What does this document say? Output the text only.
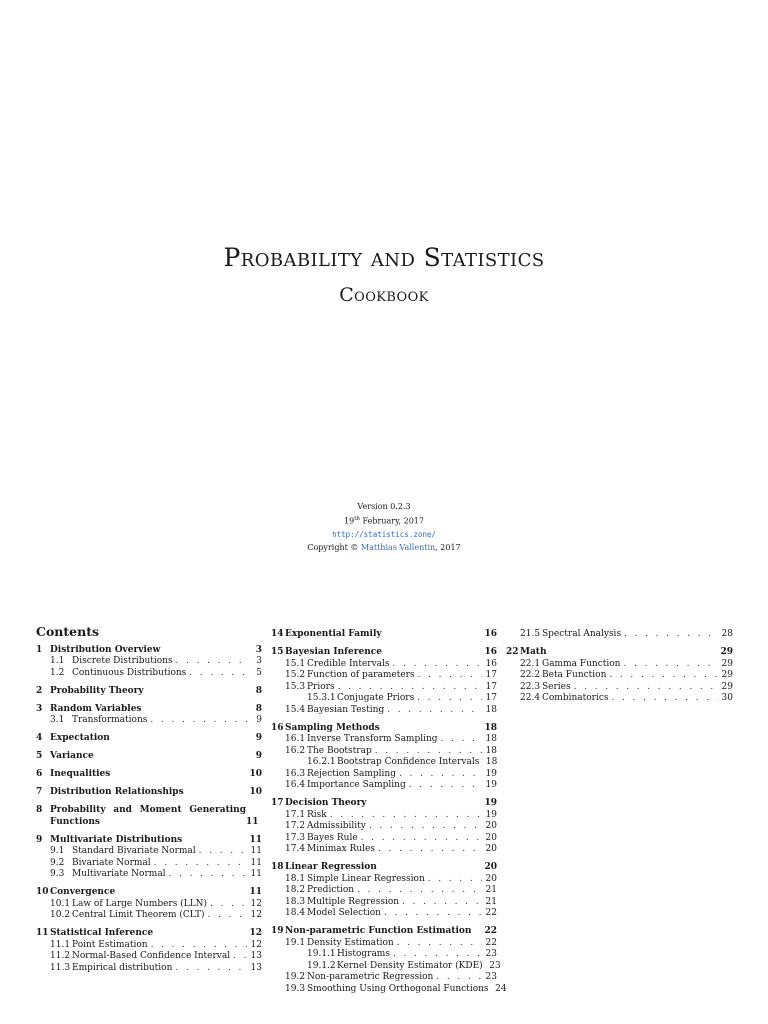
Probability and Statistics
Cookbook
Version 0.2.3
19th February, 2017
http://statistics.zone/
Copyright © Matthias Vallentin, 2017
Contents
1 Distribution Overview	3
1.1 Discrete Distributions . . .	3
1.2 Continuous Distributions . . .	5
2 Probability Theory	8
3 Random Variables	8
3.1 Transformations . . .	9
4 Expectation	9
5 Variance	9
6 Inequalities	10
7 Distribution Relationships	10
8 Probability and Moment Generating Functions	11
9 Multivariate Distributions	11
9.1 Standard Bivariate Normal . . .	11
9.2 Bivariate Normal . . .	11
9.3 Multivariate Normal . . .	11
10 Convergence	11
10.1 Law of Large Numbers (LLN) . . .	12
10.2 Central Limit Theorem (CLT) . . .	12
11 Statistical Inference	12
11.1 Point Estimation . . .	12
11.2 Normal-Based Confidence Interval . . . 13
11.3 Empirical distribution . . .	13
14 Exponential Family	16
15 Bayesian Inference	16
15.1 Credible Intervals . . .	16
15.2 Function of parameters . . .	17
15.3 Priors . . .	17
15.3.1 Conjugate Priors . . .	17
15.4 Bayesian Testing . . .	18
16 Sampling Methods	18
16.1 Inverse Transform Sampling . . .	18
16.2 The Bootstrap . . .	18
16.2.1 Bootstrap Confidence Intervals 18
16.3 Rejection Sampling . . .	19
16.4 Importance Sampling . . .	19
17 Decision Theory	19
17.1 Risk . . .	19
17.2 Admissibility . . .	20
17.3 Bayes Rule . . .	20
17.4 Minimax Rules . . .	20
18 Linear Regression	20
18.1 Simple Linear Regression . . .	20
18.2 Prediction . . .	21
18.3 Multiple Regression . . .	21
18.4 Model Selection . . .	22
19 Non-parametric Function Estimation 22
19.1 Density Estimation . . .	22
19.1.1 Histograms . . .	23
19.1.2 Kernel Density Estimator (KDE) 23
19.2 Non-parametric Regression . . .	23
19.3 Smoothing Using Orthogonal Functions 24
21.5 Spectral Analysis . . .	28
22 Math	29
22.1 Gamma Function . . .	29
22.2 Beta Function . . .	29
22.3 Series . . .	29
22.4 Combinatorics . . .	30
